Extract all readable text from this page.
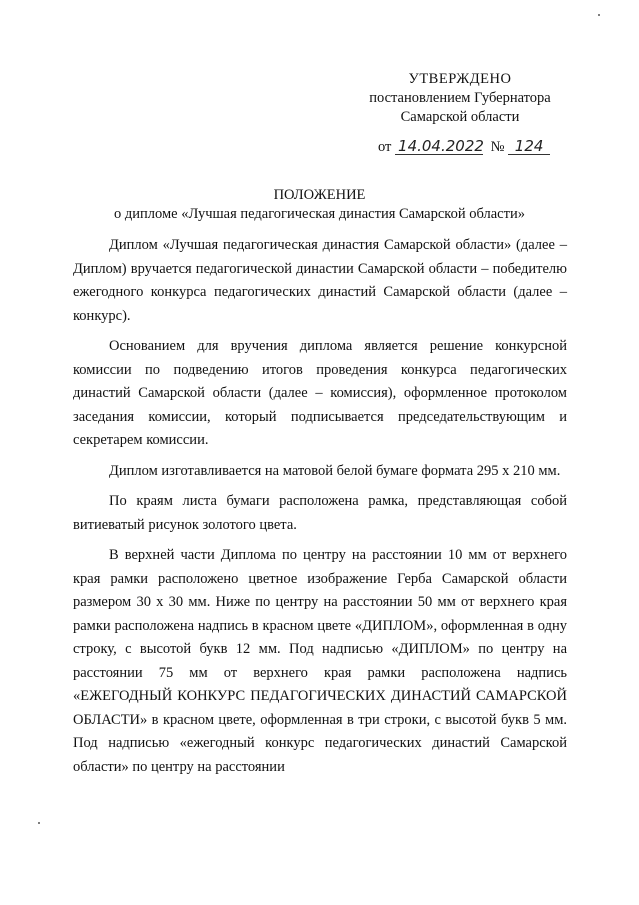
УТВЕРЖДЕНО
постановлением Губернатора
Самарской области
от 14.04.2022 № 124
ПОЛОЖЕНИЕ
о дипломе «Лучшая педагогическая династия Самарской области»

Диплом «Лучшая педагогическая династия Самарской области» (далее – Диплом) вручается педагогической династии Самарской области – победителю ежегодного конкурса педагогических династий Самарской области (далее – конкурс).

Основанием для вручения диплома является решение конкурсной комиссии по подведению итогов проведения конкурса педагогических династий Самарской области (далее – комиссия), оформленное протоколом заседания комиссии, который подписывается председательствующим и секретарем комиссии.

Диплом изготавливается на матовой белой бумаге формата 295 х 210 мм.

По краям листа бумаги расположена рамка, представляющая собой витиеватый рисунок золотого цвета.

В верхней части Диплома по центру на расстоянии 10 мм от верхнего края рамки расположено цветное изображение Герба Самарской области размером 30 х 30 мм. Ниже по центру на расстоянии 50 мм от верхнего края рамки расположена надпись в красном цвете «ДИПЛОМ», оформленная в одну строку, с высотой букв 12 мм. Под надписью «ДИПЛОМ» по центру на расстоянии 75 мм от верхнего края рамки расположена надпись «ЕЖЕГОДНЫЙ КОНКУРС ПЕДАГОГИЧЕСКИХ ДИНАСТИЙ САМАРСКОЙ ОБЛАСТИ» в красном цвете, оформленная в три строки, с высотой букв 5 мм. Под надписью «ежегодный конкурс педагогических династий Самарской области» по центру на расстоянии
